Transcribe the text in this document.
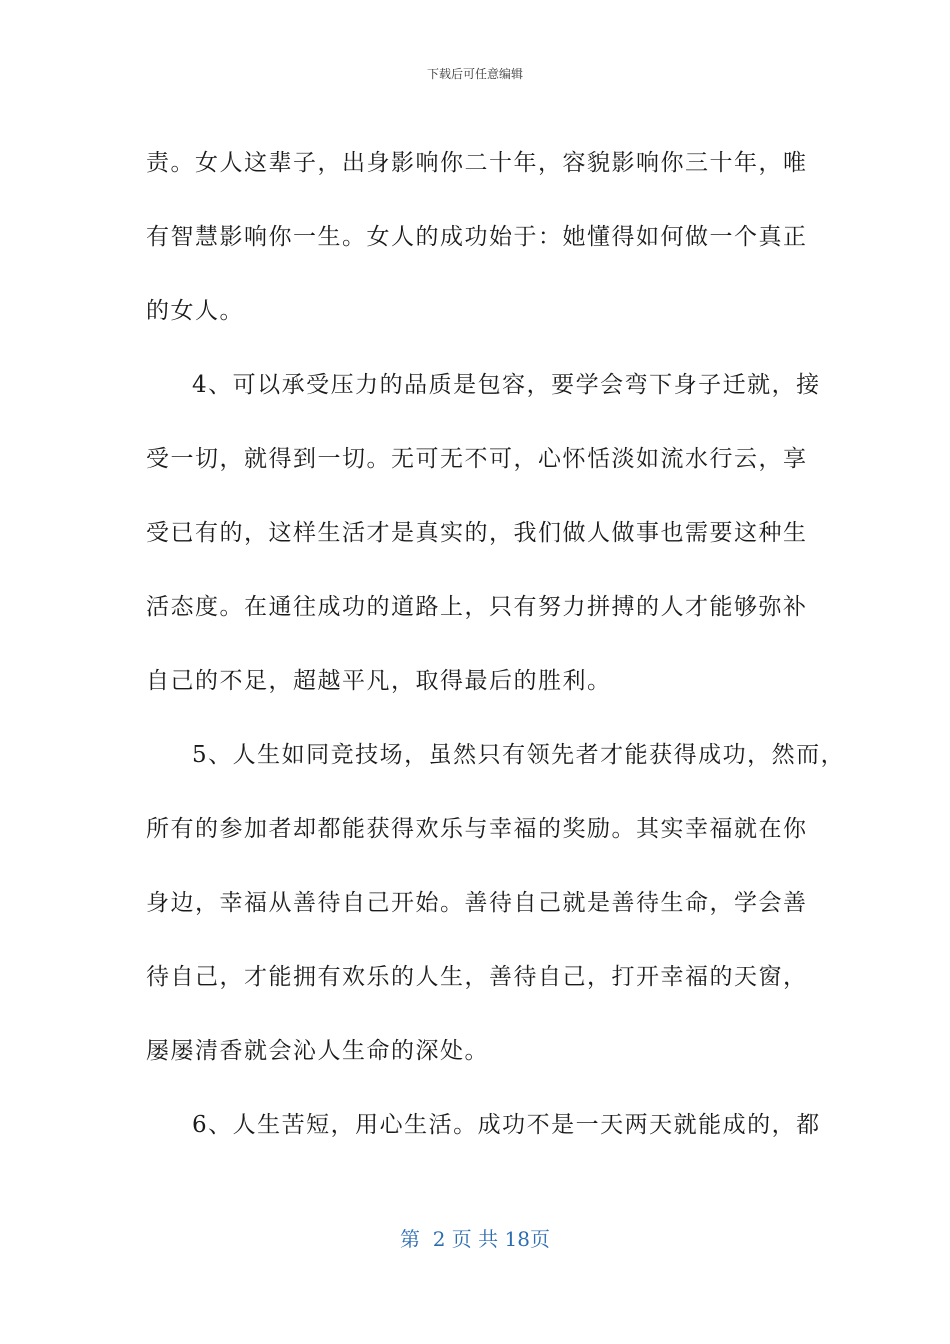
下载后可任意编辑
责。女人这辈子，出身影响你二十年，容貌影响你三十年，唯
有智慧影响你一生。女人的成功始于：她懂得如何做一个真正
的女人。
4、可以承受压力的品质是包容，要学会弯下身子迁就，接
受一切，就得到一切。无可无不可，心怀恬淡如流水行云，享
受已有的，这样生活才是真实的，我们做人做事也需要这种生
活态度。在通往成功的道路上，只有努力拼搏的人才能够弥补
自己的不足，超越平凡，取得最后的胜利。
5、人生如同竞技场，虽然只有领先者才能获得成功，然而，
所有的参加者却都能获得欢乐与幸福的奖励。其实幸福就在你
身边，幸福从善待自己开始。善待自己就是善待生命，学会善
待自己，才能拥有欢乐的人生，善待自己，打开幸福的天窗，
屡屡清香就会沁人生命的深处。
6、人生苦短，用心生活。成功不是一天两天就能成的，都
第  2 页 共 18页
